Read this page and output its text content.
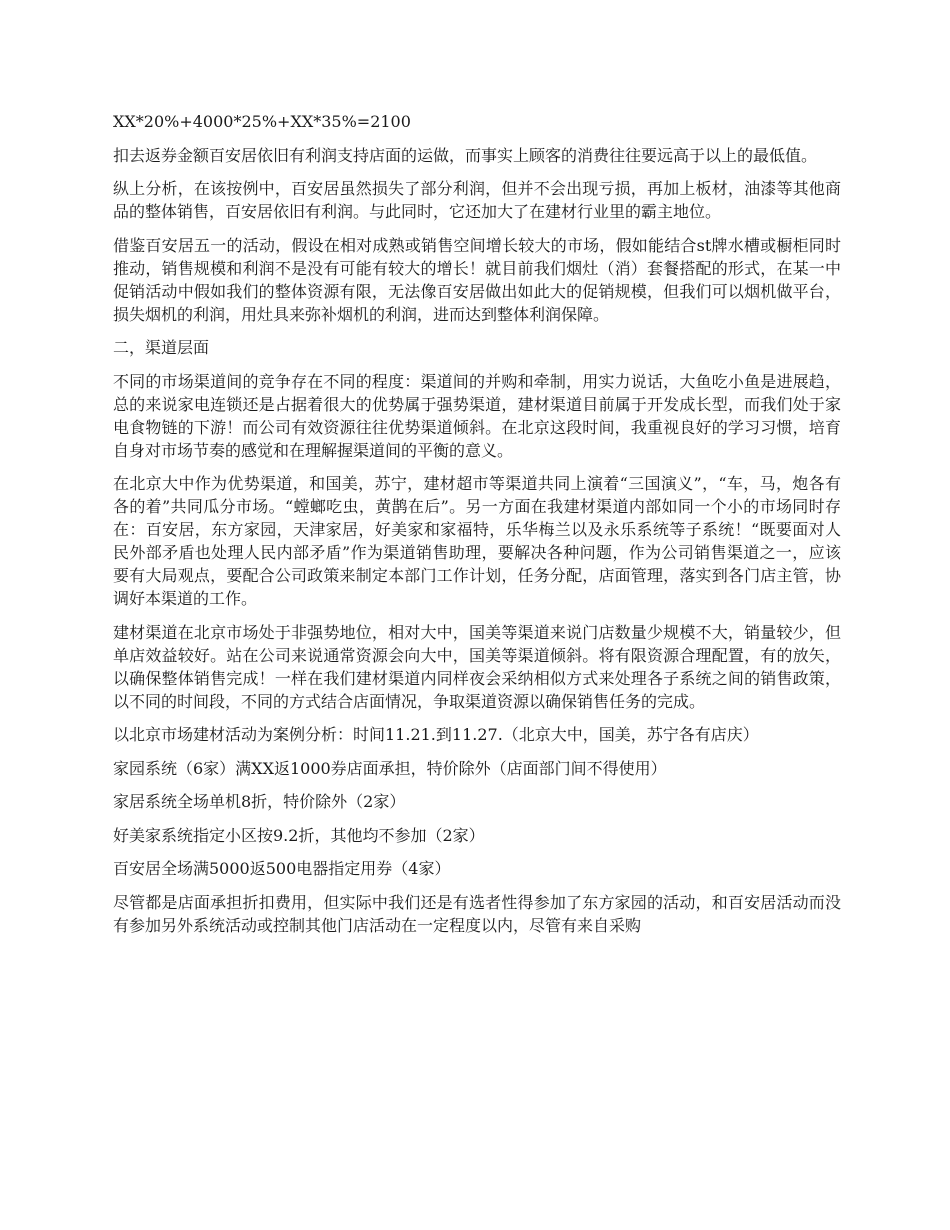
XX*20%+4000*25%+XX*35%=2100

扣去返券金额百安居依旧有利润支持店面的运做，而事实上顾客的消费往往要远高于以上的最低值。

纵上分析，在该按例中，百安居虽然损失了部分利润，但并不会出现亏损，再加上板材，油漆等其他商品的整体销售，百安居依旧有利润。与此同时，它还加大了在建材行业里的霸主地位。

借鉴百安居五一的活动，假设在相对成熟或销售空间增长较大的市场，假如能结合st牌水槽或橱柜同时推动，销售规模和利润不是没有可能有较大的增长！就目前我们烟灶（消）套餐搭配的形式，在某一中促销活动中假如我们的整体资源有限，无法像百安居做出如此大的促销规模，但我们可以烟机做平台，损失烟机的利润，用灶具来弥补烟机的利润，进而达到整体利润保障。

二，渠道层面

不同的市场渠道间的竞争存在不同的程度：渠道间的并购和牵制，用实力说话，大鱼吃小鱼是进展趋，总的来说家电连锁还是占据着很大的优势属于强势渠道，建材渠道目前属于开发成长型，而我们处于家电食物链的下游！而公司有效资源往往优势渠道倾斜。在北京这段时间，我重视良好的学习习惯，培育自身对市场节奏的感觉和在理解握渠道间的平衡的意义。

在北京大中作为优势渠道，和国美，苏宁，建材超市等渠道共同上演着“三国演义”，“车，马，炮各有各的着”共同瓜分市场。“螳螂吃虫，黄鹊在后”。另一方面在我建材渠道内部如同一个小的市场同时存在：百安居，东方家园，天津家居，好美家和家福特，乐华梅兰以及永乐系统等子系统！“既要面对人民外部矛盾也处理人民内部矛盾”作为渠道销售助理，要解决各种问题，作为公司销售渠道之一，应该要有大局观点，要配合公司政策来制定本部门工作计划，任务分配，店面管理，落实到各门店主管，协调好本渠道的工作。

建材渠道在北京市场处于非强势地位，相对大中，国美等渠道来说门店数量少规模不大，销量较少，但单店效益较好。站在公司来说通常资源会向大中，国美等渠道倾斜。将有限资源合理配置，有的放矢，以确保整体销售完成！一样在我们建材渠道内同样夜会采纳相似方式来处理各子系统之间的销售政策，以不同的时间段，不同的方式结合店面情况，争取渠道资源以确保销售任务的完成。

以北京市场建材活动为案例分析：时间11.21.到11.27.（北京大中，国美，苏宁各有店庆）

家园系统（6家）满XX返1000券店面承担，特价除外（店面部门间不得使用）

家居系统全场单机8折，特价除外（2家）

好美家系统指定小区按9.2折，其他均不参加（2家）

百安居全场满5000返500电器指定用券（4家）

尽管都是店面承担折扣费用，但实际中我们还是有选者性得参加了东方家园的活动，和百安居活动而没有参加另外系统活动或控制其他门店活动在一定程度以内，尽管有来自采购
